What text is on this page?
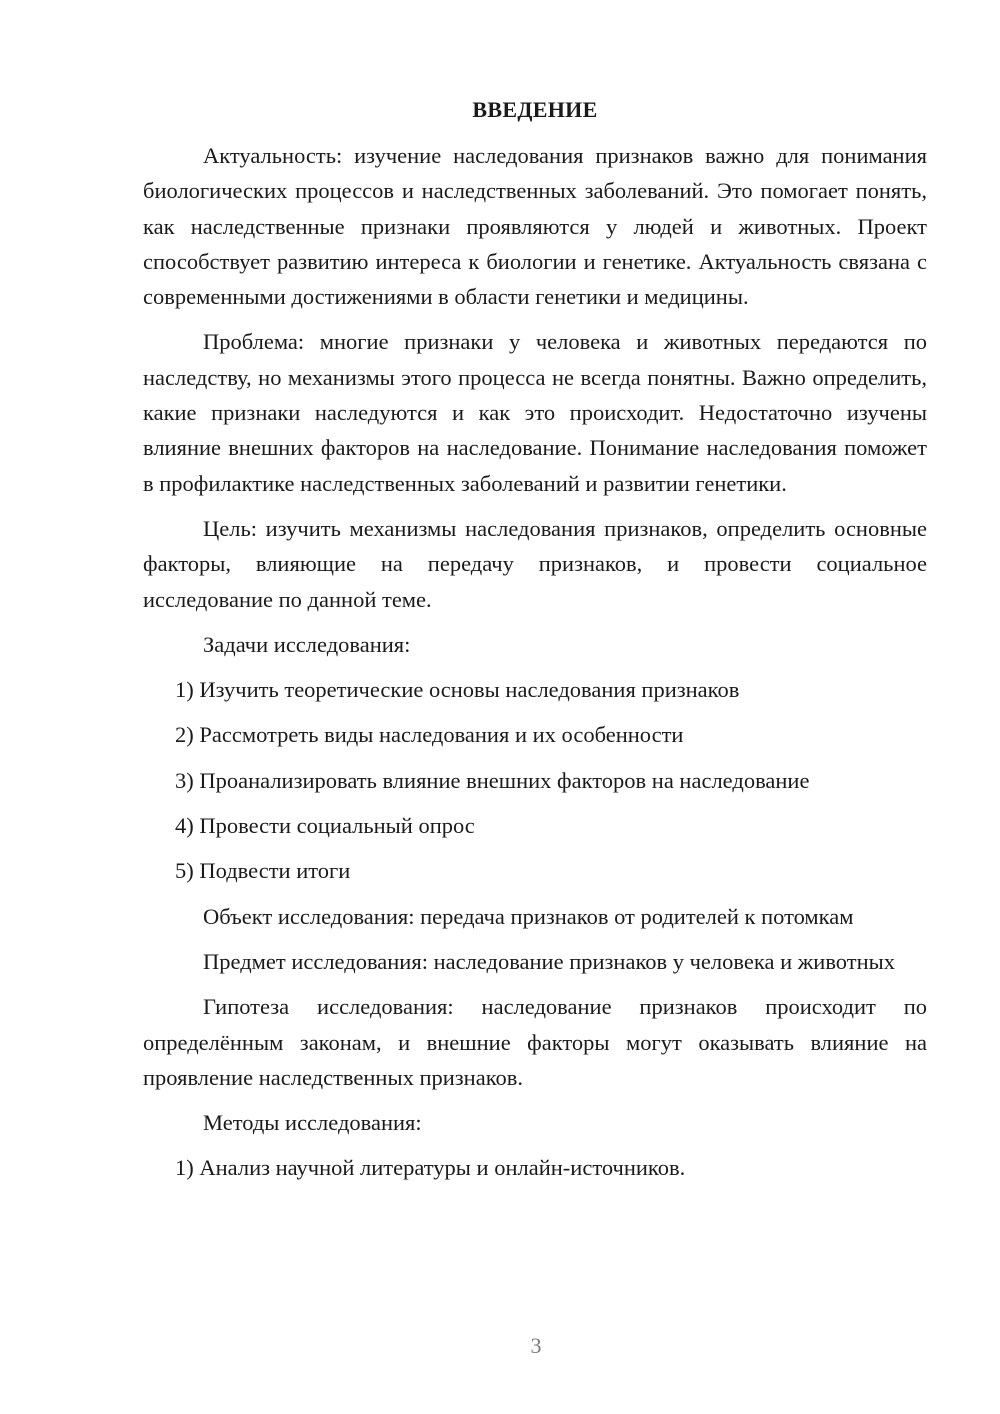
ВВЕДЕНИЕ

Актуальность: изучение наследования признаков важно для понимания биологических процессов и наследственных заболеваний. Это помогает понять, как наследственные признаки проявляются у людей и животных. Проект способствует развитию интереса к биологии и генетике. Актуальность связана с современными достижениями в области генетики и медицины.

Проблема: многие признаки у человека и животных передаются по наследству, но механизмы этого процесса не всегда понятны. Важно определить, какие признаки наследуются и как это происходит. Недостаточно изучены влияние внешних факторов на наследование. Понимание наследования поможет в профилактике наследственных заболеваний и развитии генетики.

Цель: изучить механизмы наследования признаков, определить основные факторы, влияющие на передачу признаков, и провести социальное исследование по данной теме.

Задачи исследования:

1) Изучить теоретические основы наследования признаков

2) Рассмотреть виды наследования и их особенности

3) Проанализировать влияние внешних факторов на наследование

4) Провести социальный опрос

5) Подвести итоги

Объект исследования: передача признаков от родителей к потомкам

Предмет исследования: наследование признаков у человека и животных

Гипотеза исследования: наследование признаков происходит по определённым законам, и внешние факторы могут оказывать влияние на проявление наследственных признаков.

Методы исследования:

1) Анализ научной литературы и онлайн-источников.

3
